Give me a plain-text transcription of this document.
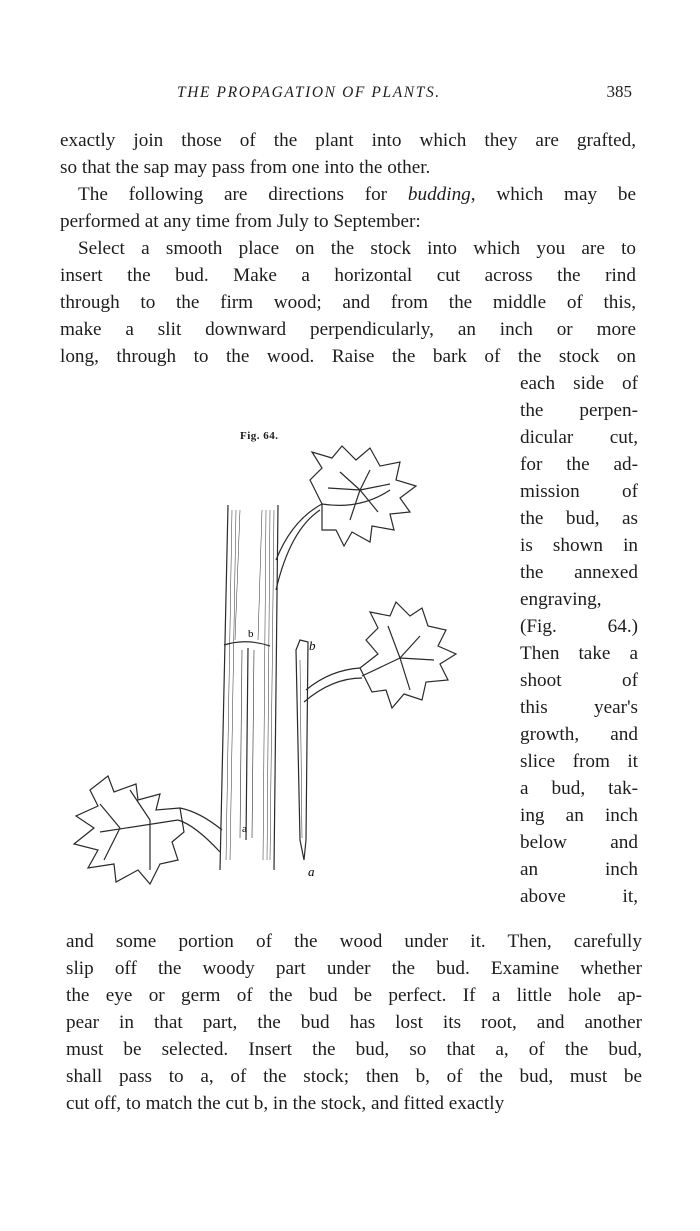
THE PROPAGATION OF PLANTS.	385
exactly join those of the plant into which they are grafted,
so that the sap may pass from one into the other.
The following are directions for budding, which may be
performed at any time from July to September:
Select a smooth place on the stock into which you are to
insert the bud. Make a horizontal cut across the rind
through to the firm wood; and from the middle of this,
make a slit downward perpendicularly, an inch or more
long, through to the wood. Raise the bark of the stock on
each side of
the perpen-
dicular cut,
for the ad-
mission of
the bud, as
is shown in
the annexed
engraving,
(Fig. 64.)
Then take a
shoot of
this year's
growth, and
slice from it
a bud, tak-
ing an inch
below and
an inch
above it,
Fig. 64.
b
a
b
a
and some portion of the wood under it. Then, carefully
slip off the woody part under the bud. Examine whether
the eye or germ of the bud be perfect. If a little hole ap-
pear in that part, the bud has lost its root, and another
must be selected. Insert the bud, so that a, of the bud,
shall pass to a, of the stock; then b, of the bud, must be
cut off, to match the cut b, in the stock, and fitted exactly
